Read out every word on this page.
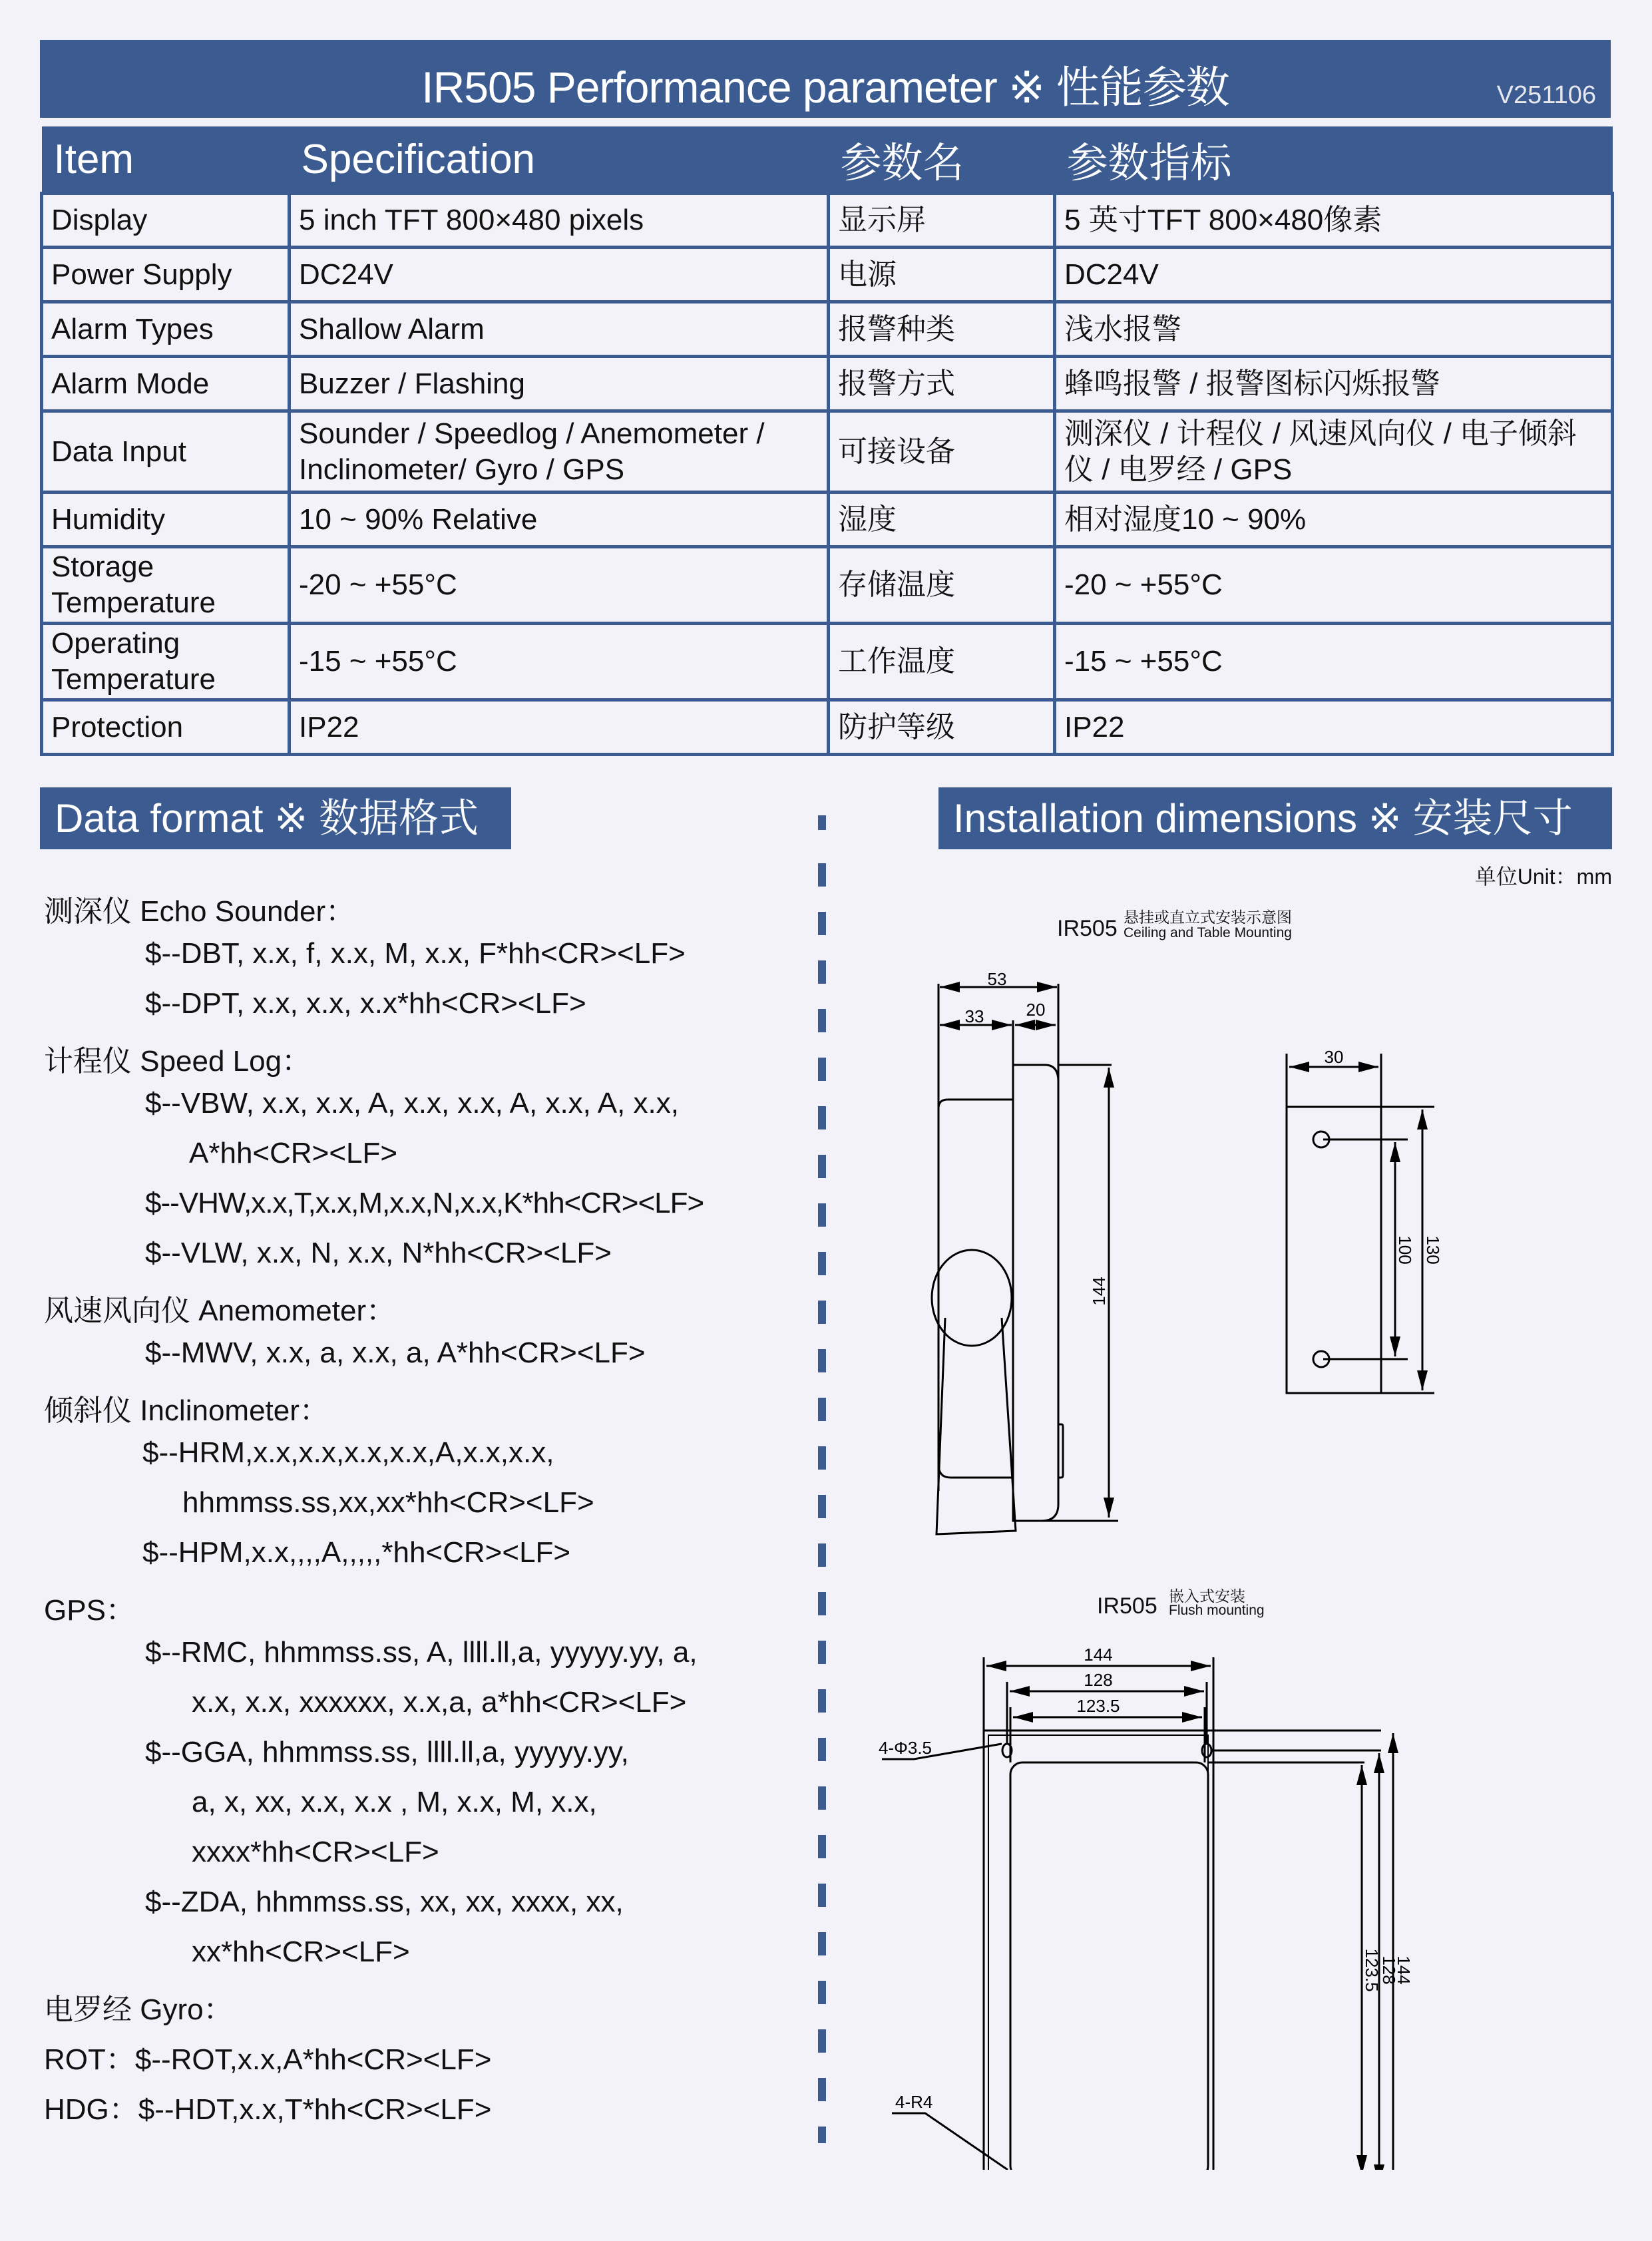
IR505 Performance parameter ※ 性能参数	V251106
Item	Specification	参数名	参数指标
Display	5 inch TFT 800×480 pixels	显示屏	5 英寸TFT 800×480像素
Power Supply	DC24V	电源	DC24V
Alarm Types	Shallow Alarm	报警种类	浅水报警
Alarm Mode	Buzzer / Flashing	报警方式	蜂鸣报警 / 报警图标闪烁报警
Data Input	Sounder / Speedlog / Anemometer / Inclinometer/ Gyro / GPS	可接设备	测深仪 / 计程仪 / 风速风向仪 / 电子倾斜仪 / 电罗经 / GPS
Humidity	10 ~ 90% Relative	湿度	相对湿度10 ~ 90%
Storage Temperature	-20 ~ +55°C	存储温度	-20 ~ +55°C
Operating Temperature	-15 ~ +55°C	工作温度	-15 ~ +55°C
Protection	IP22	防护等级	IP22
Data format ※ 数据格式
测深仪 Echo Sounder：
$--DBT, x.x, f, x.x, M, x.x, F*hh<CR><LF>
$--DPT, x.x, x.x, x.x*hh<CR><LF>
计程仪 Speed Log：
$--VBW, x.x, x.x, A, x.x, x.x, A, x.x, A, x.x,
A*hh<CR><LF>
$--VHW,x.x,T,x.x,M,x.x,N,x.x,K*hh<CR><LF>
$--VLW, x.x, N, x.x, N*hh<CR><LF>
风速风向仪 Anemometer：
$--MWV, x.x, a, x.x, a, A*hh<CR><LF>
倾斜仪 Inclinometer：
$--HRM,x.x,x.x,x.x,x.x,A,x.x,x.x,
hhmmss.ss,xx,xx*hh<CR><LF>
$--HPM,x.x,,,,A,,,,,*hh<CR><LF>
GPS：
$--RMC, hhmmss.ss, A, llll.ll,a, yyyyy.yy, a,
x.x, x.x, xxxxxx, x.x,a, a*hh<CR><LF>
$--GGA, hhmmss.ss, llll.ll,a, yyyyy.yy,
a, x, xx, x.x, x.x , M, x.x, M, x.x,
xxxx*hh<CR><LF>
$--ZDA, hhmmss.ss, xx, xx, xxxx, xx,
xx*hh<CR><LF>
电罗经 Gyro：
ROT：$--ROT,x.x,A*hh<CR><LF>
HDG：$--HDT,x.x,T*hh<CR><LF>
Installation dimensions ※ 安装尺寸
单位Unit：mm
IR505 悬挂或直立式安装示意图
Ceiling and Table Mounting
53
33 20
144
30
100 130
IR505 嵌入式安装
Flush mounting
144
128
123.5
4-Φ3.5
4-R4
123.5
128
144
